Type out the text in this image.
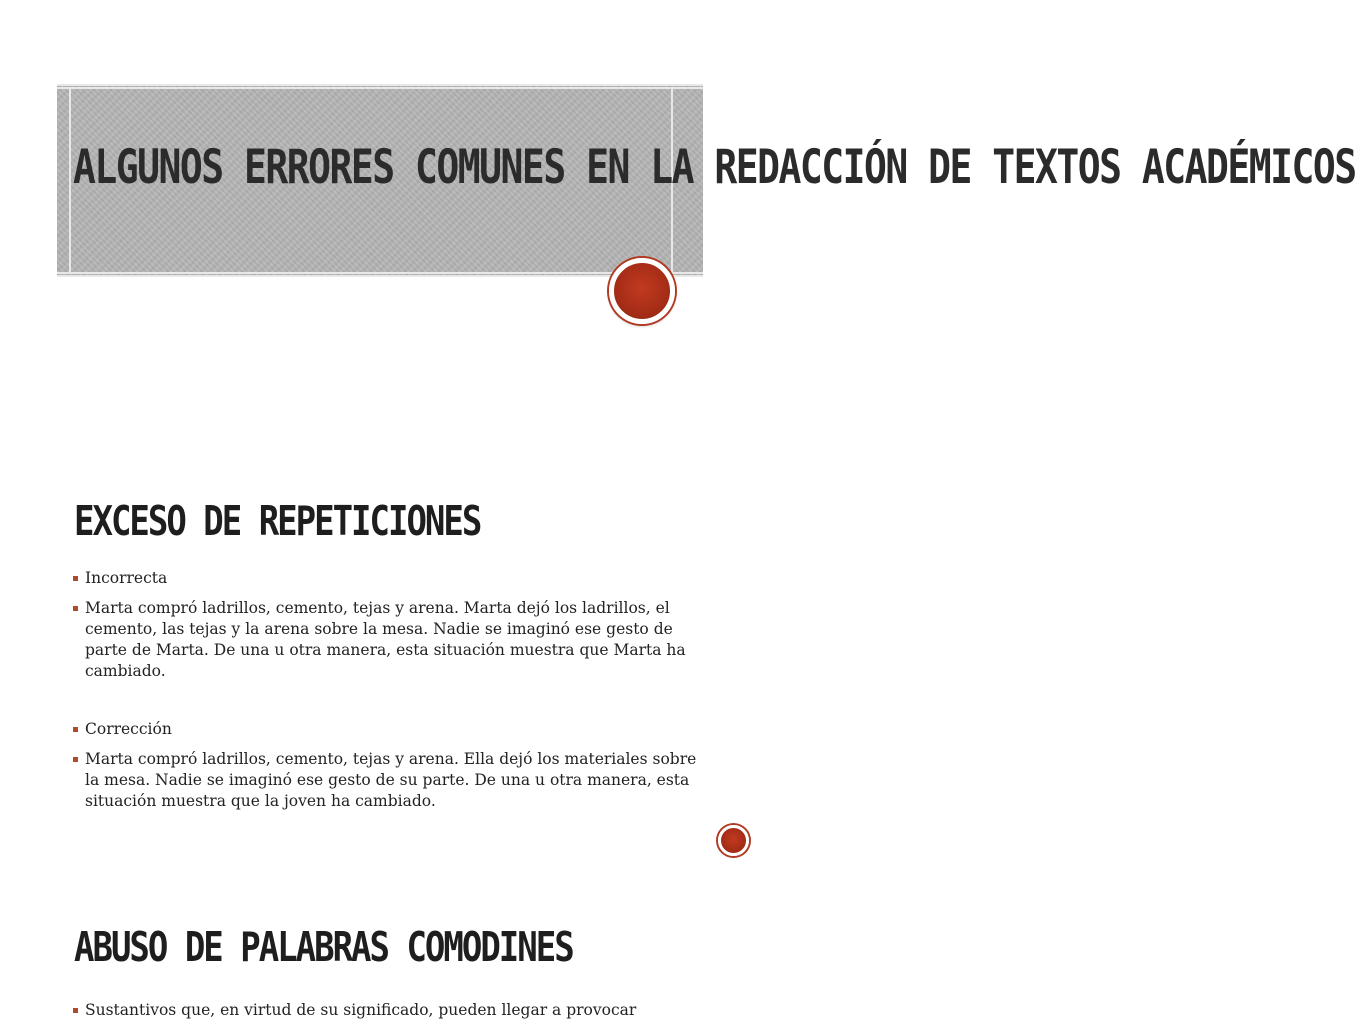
ALGUNOS ERRORES COMUNES EN LA REDACCIÓN DE TEXTOS ACADÉMICOS
EXCESO DE REPETICIONES
Incorrecta
Marta compró ladrillos, cemento, tejas y arena. Marta dejó los ladrillos, el cemento, las tejas y la arena sobre la mesa. Nadie se imaginó ese gesto de parte de Marta. De una u otra manera, esta situación muestra que Marta ha cambiado.
Corrección
Marta compró ladrillos, cemento, tejas y arena. Ella dejó los materiales sobre la mesa. Nadie se imaginó ese gesto de su parte. De una u otra manera, esta situación muestra que la joven ha cambiado.
ABUSO DE PALABRAS COMODINES
Sustantivos que, en virtud de su significado, pueden llegar a provocar
